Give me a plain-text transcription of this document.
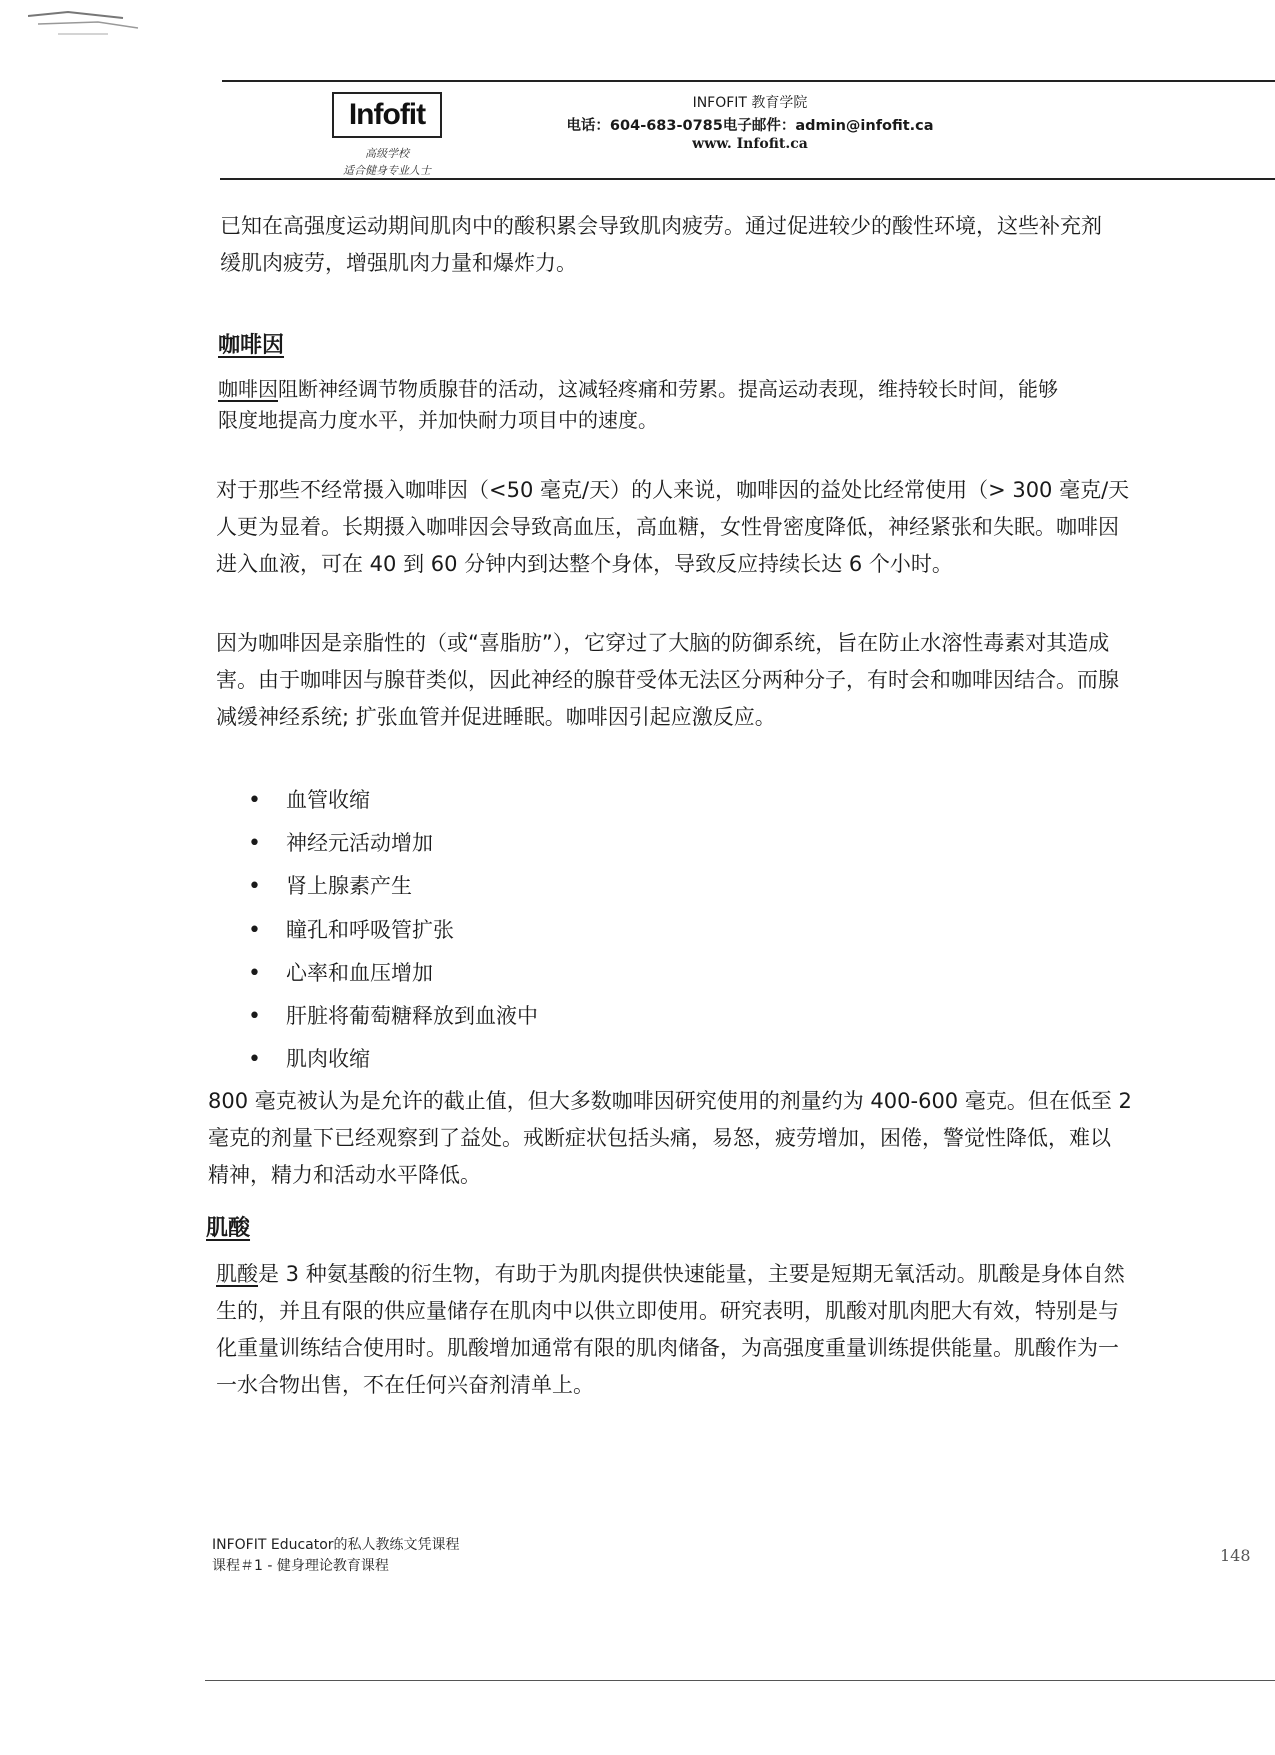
Infofit
高级学校
适合健身专业人士
INFOFIT 教育学院
电话：604-683-0785电子邮件：admin@infofit.ca
www. Infofit.ca
已知在高强度运动期间肌肉中的酸积累会导致肌肉疲劳。通过促进较少的酸性环境，这些补充剂
缓肌肉疲劳，增强肌肉力量和爆炸力。
咖啡因
咖啡因阻断神经调节物质腺苷的活动，这减轻疼痛和劳累。提高运动表现，维持较长时间，能够
限度地提高力度水平，并加快耐力项目中的速度。
对于那些不经常摄入咖啡因（<50 毫克/天）的人来说，咖啡因的益处比经常使用（> 300 毫克/天
人更为显着。长期摄入咖啡因会导致高血压，高血糖，女性骨密度降低，神经紧张和失眠。咖啡因
进入血液，可在 40 到 60 分钟内到达整个身体，导致反应持续长达 6 个小时。
因为咖啡因是亲脂性的（或“喜脂肪”），它穿过了大脑的防御系统，旨在防止水溶性毒素对其造成
害。由于咖啡因与腺苷类似，因此神经的腺苷受体无法区分两种分子，有时会和咖啡因结合。而腺
减缓神经系统; 扩张血管并促进睡眠。咖啡因引起应激反应。
• 血管收缩
• 神经元活动增加
• 肾上腺素产生
• 瞳孔和呼吸管扩张
• 心率和血压增加
• 肝脏将葡萄糖释放到血液中
• 肌肉收缩
800 毫克被认为是允许的截止值，但大多数咖啡因研究使用的剂量约为 400-600 毫克。但在低至 2
毫克的剂量下已经观察到了益处。戒断症状包括头痛，易怒，疲劳增加，困倦，警觉性降低，难以
精神，精力和活动水平降低。
肌酸
肌酸是 3 种氨基酸的衍生物，有助于为肌肉提供快速能量，主要是短期无氧活动。肌酸是身体自然
生的，并且有限的供应量储存在肌肉中以供立即使用。研究表明，肌酸对肌肉肥大有效，特别是与
化重量训练结合使用时。肌酸增加通常有限的肌肉储备，为高强度重量训练提供能量。肌酸作为一
一水合物出售，不在任何兴奋剂清单上。
INFOFIT Educator的私人教练文凭课程
课程＃1 - 健身理论教育课程
148
